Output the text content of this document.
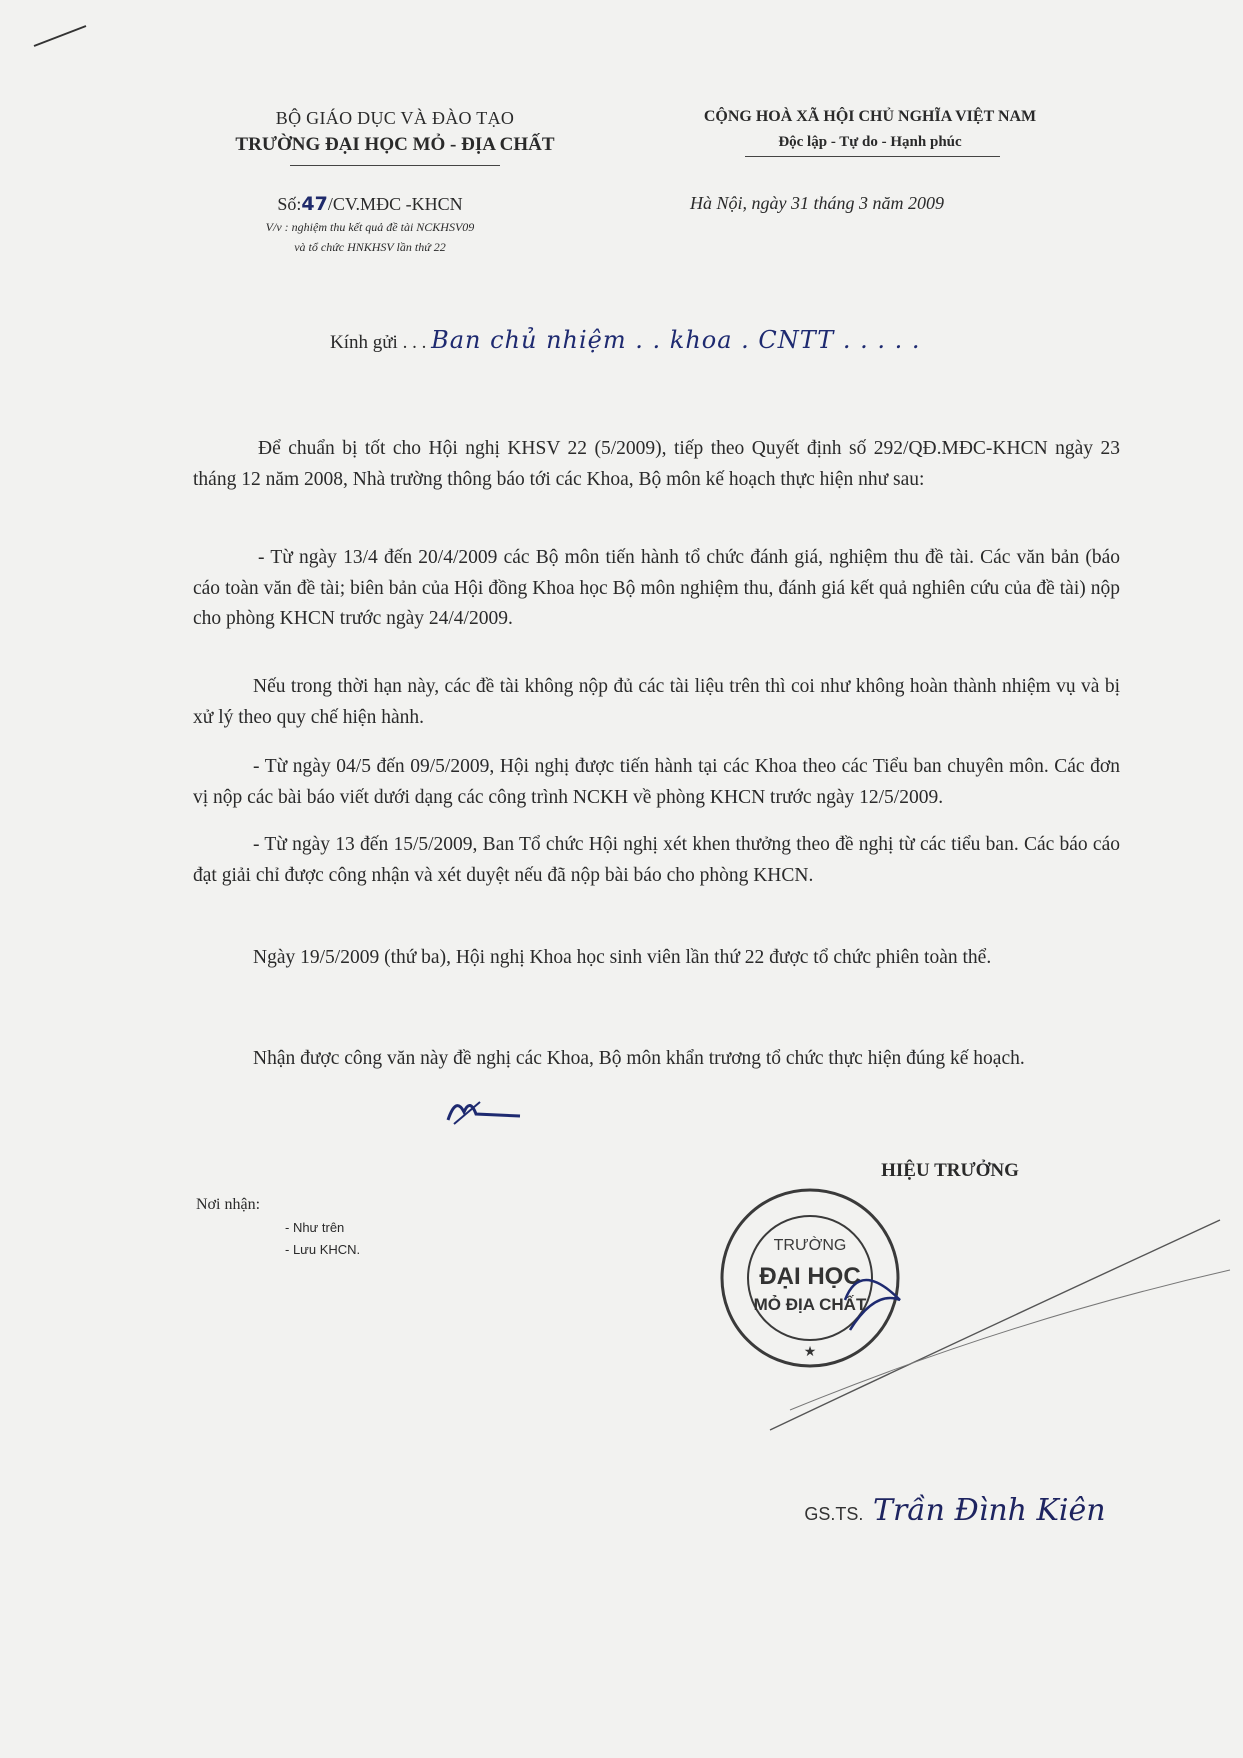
BỘ GIÁO DỤC VÀ ĐÀO TẠO
TRƯỜNG ĐẠI HỌC MỎ - ĐỊA CHẤT
CỘNG HOÀ XÃ HỘI CHỦ NGHĨA VIỆT NAM
Độc lập - Tự do - Hạnh phúc
Số:47/CV.MĐC -KHCN
V/v : nghiệm thu kết quả đề tài NCKHSV09
và tổ chức HNKHSV lần thứ 22
Hà Nội, ngày 31 tháng 3 năm 2009
Kính gửi . . . Ban chủ nhiệm . . khoa . CNTT . . . . .
Để chuẩn bị tốt cho Hội nghị KHSV 22 (5/2009), tiếp theo Quyết định số 292/QĐ.MĐC-KHCN ngày 23 tháng 12 năm 2008, Nhà trường thông báo tới các Khoa, Bộ môn kế hoạch thực hiện như sau:
- Từ ngày 13/4 đến 20/4/2009 các Bộ môn tiến hành tổ chức đánh giá, nghiệm thu đề tài. Các văn bản (báo cáo toàn văn đề tài; biên bản của Hội đồng Khoa học Bộ môn nghiệm thu, đánh giá kết quả nghiên cứu của đề tài) nộp cho phòng KHCN trước ngày 24/4/2009.
Nếu trong thời hạn này, các đề tài không nộp đủ các tài liệu trên thì coi như không hoàn thành nhiệm vụ và bị xử lý theo quy chế hiện hành.
- Từ ngày 04/5 đến 09/5/2009, Hội nghị được tiến hành tại các Khoa theo các Tiểu ban chuyên môn. Các đơn vị nộp các bài báo viết dưới dạng các công trình NCKH về phòng KHCN trước ngày 12/5/2009.
- Từ ngày 13 đến 15/5/2009, Ban Tổ chức Hội nghị xét khen thưởng theo đề nghị từ các tiểu ban. Các báo cáo đạt giải chỉ được công nhận và xét duyệt nếu đã nộp bài báo cho phòng KHCN.
Ngày 19/5/2009 (thứ ba), Hội nghị Khoa học sinh viên lần thứ 22 được tổ chức phiên toàn thể.
Nhận được công văn này đề nghị các Khoa, Bộ môn khẩn trương tổ chức thực hiện đúng kế hoạch.
Nơi nhận:
- Như trên
- Lưu KHCN.
HIỆU TRƯỞNG
TRƯỜNG
ĐẠI HỌC
MỎ ĐỊA CHẤT
★
GS.TS. Trần Đình Kiên
